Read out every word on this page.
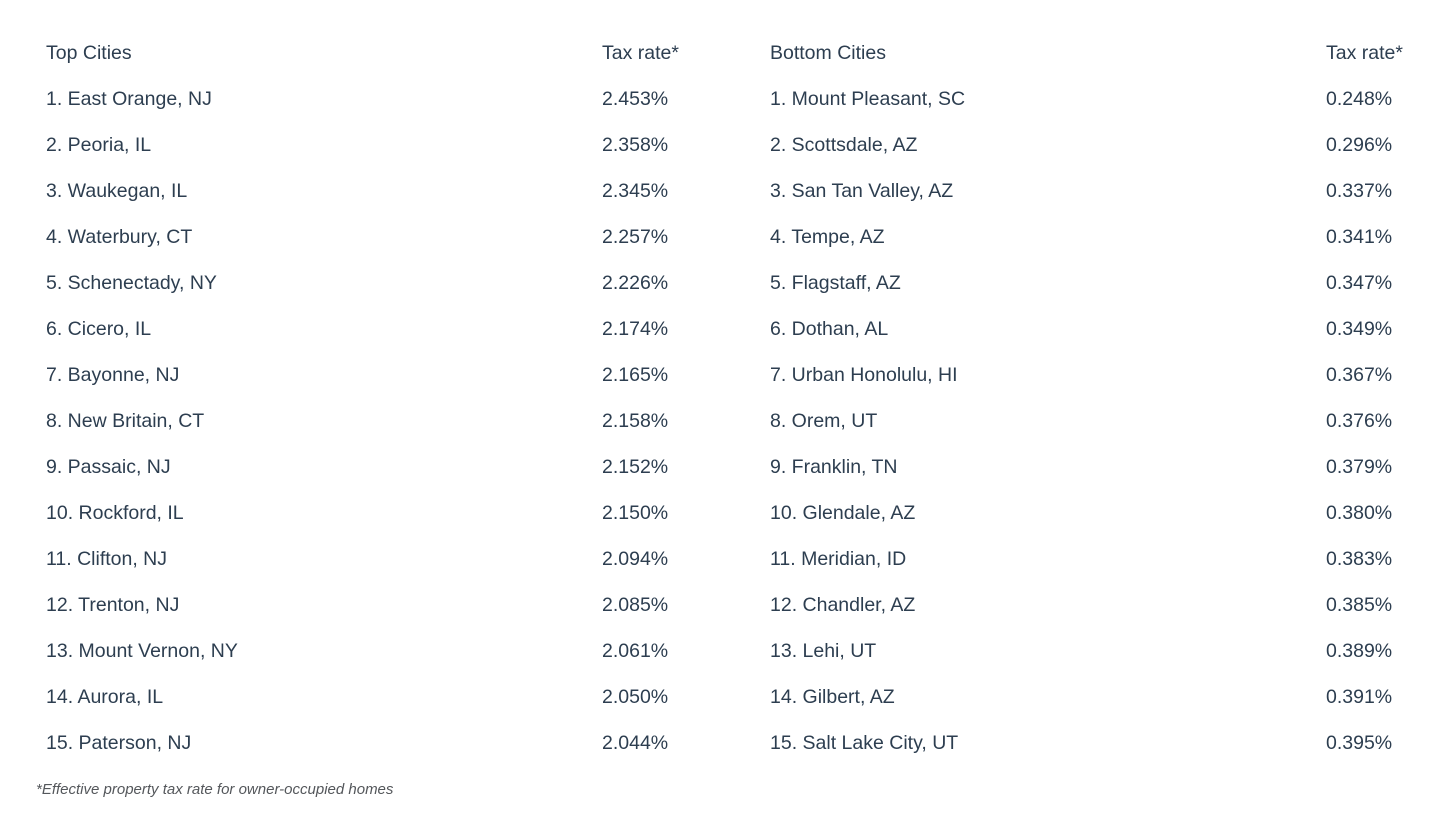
Top Cities	Tax rate*	Bottom Cities	Tax rate*
1. East Orange, NJ	2.453%	1. Mount Pleasant, SC	0.248%
2. Peoria, IL	2.358%	2. Scottsdale, AZ	0.296%
3. Waukegan, IL	2.345%	3. San Tan Valley, AZ	0.337%
4. Waterbury, CT	2.257%	4. Tempe, AZ	0.341%
5. Schenectady, NY	2.226%	5. Flagstaff, AZ	0.347%
6. Cicero, IL	2.174%	6. Dothan, AL	0.349%
7. Bayonne, NJ	2.165%	7. Urban Honolulu, HI	0.367%
8. New Britain, CT	2.158%	8. Orem, UT	0.376%
9. Passaic, NJ	2.152%	9. Franklin, TN	0.379%
10. Rockford, IL	2.150%	10. Glendale, AZ	0.380%
11. Clifton, NJ	2.094%	11. Meridian, ID	0.383%
12. Trenton, NJ	2.085%	12. Chandler, AZ	0.385%
13. Mount Vernon, NY	2.061%	13. Lehi, UT	0.389%
14. Aurora, IL	2.050%	14. Gilbert, AZ	0.391%
15. Paterson, NJ	2.044%	15. Salt Lake City, UT	0.395%
*Effective property tax rate for owner-occupied homes
